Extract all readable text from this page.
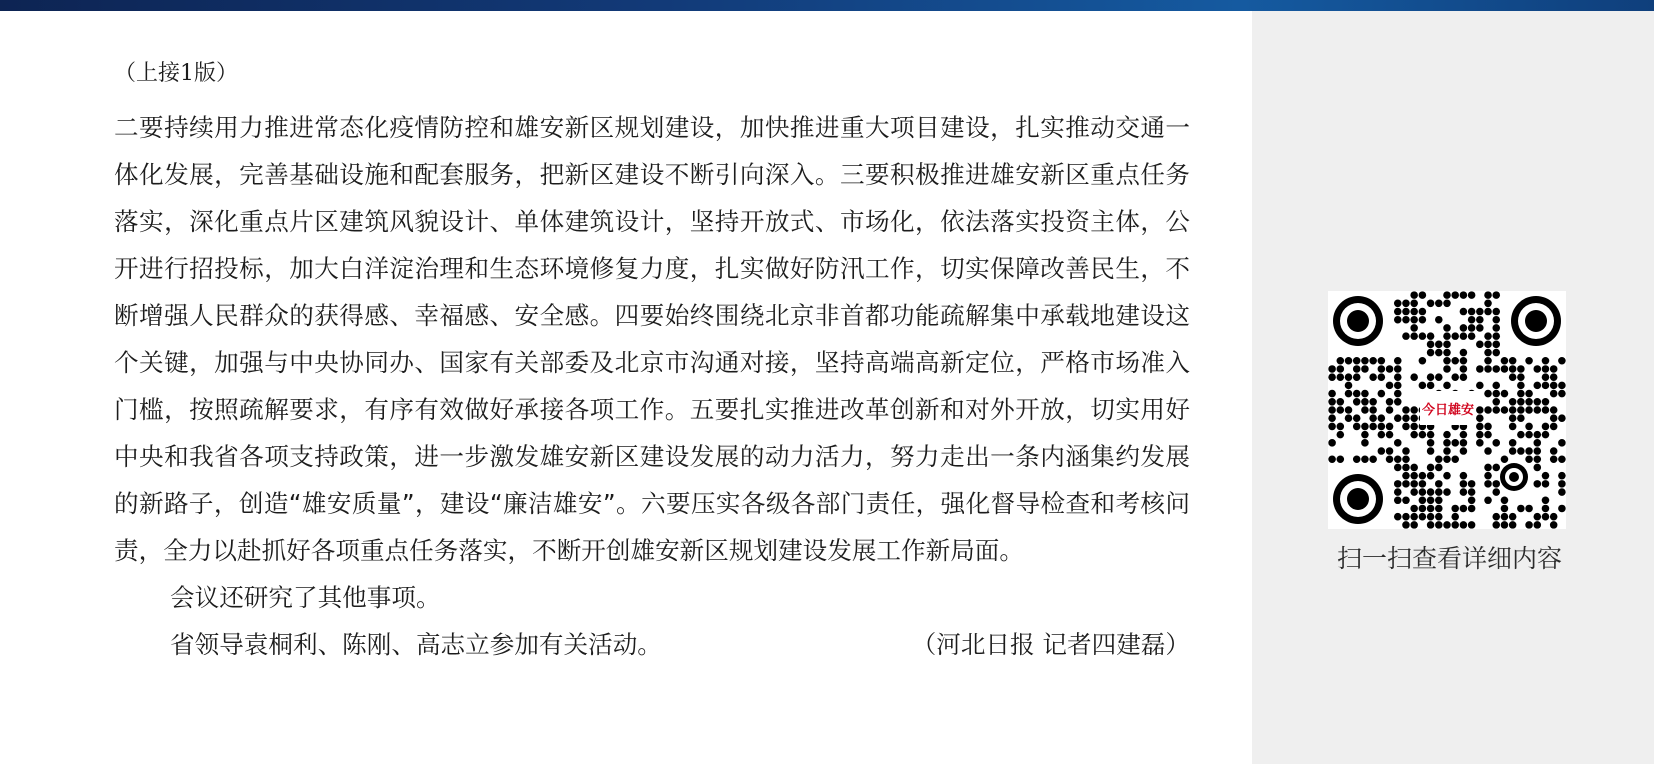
（上接1版）

二要持续用力推进常态化疫情防控和雄安新区规划建设，加快推进重大项目建设，扎实推动交通一体化发展，完善基础设施和配套服务，把新区建设不断引向深入。三要积极推进雄安新区重点任务落实，深化重点片区建筑风貌设计、单体建筑设计，坚持开放式、市场化，依法落实投资主体，公开进行招投标，加大白洋淀治理和生态环境修复力度，扎实做好防汛工作，切实保障改善民生，不断增强人民群众的获得感、幸福感、安全感。四要始终围绕北京非首都功能疏解集中承载地建设这个关键，加强与中央协同办、国家有关部委及北京市沟通对接，坚持高端高新定位，严格市场准入门槛，按照疏解要求，有序有效做好承接各项工作。五要扎实推进改革创新和对外开放，切实用好中央和我省各项支持政策，进一步激发雄安新区建设发展的动力活力，努力走出一条内涵集约发展的新路子，创造“雄安质量”，建设“廉洁雄安”。六要压实各级各部门责任，强化督导检查和考核问责，全力以赴抓好各项重点任务落实，不断开创雄安新区规划建设发展工作新局面。

会议还研究了其他事项。

省领导袁桐利、陈刚、高志立参加有关活动。	（河北日报 记者四建磊）

今日雄安
扫一扫查看详细内容
